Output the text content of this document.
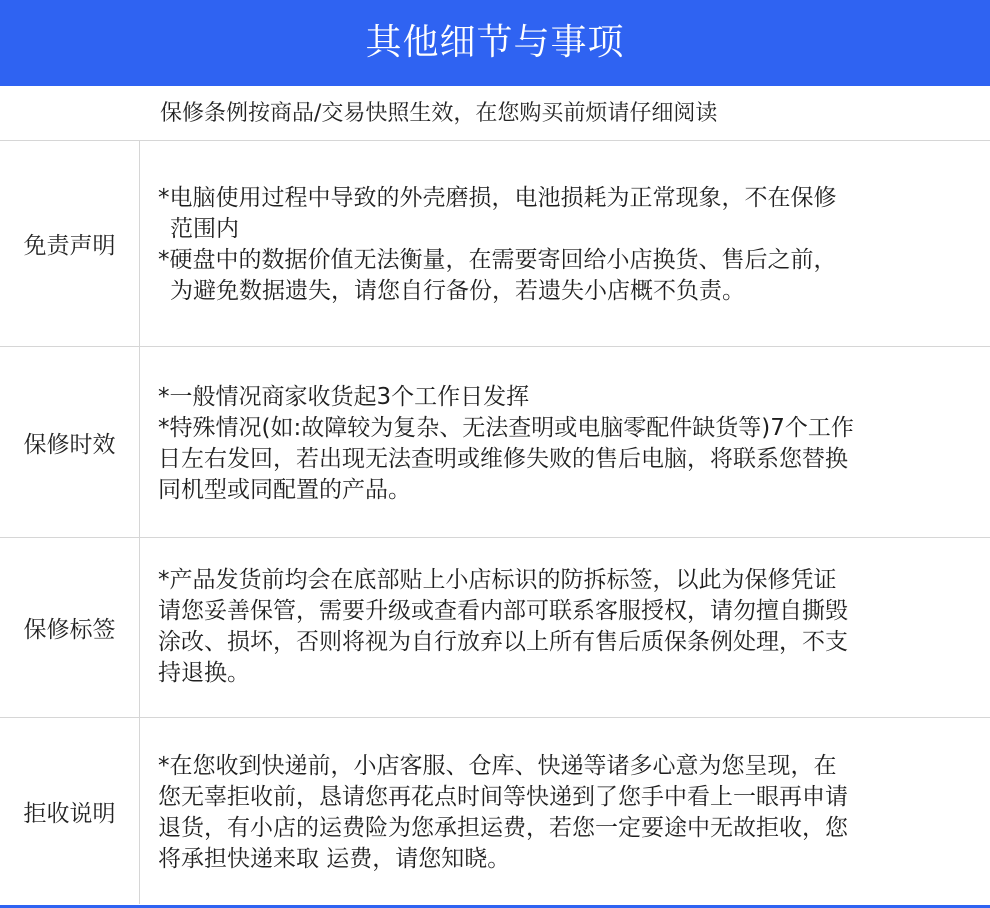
其他细节与事项
保修条例按商品/交易快照生效，在您购买前烦请仔细阅读
免责声明
*电脑使用过程中导致的外壳磨损，电池损耗为正常现象，不在保修
范围内
*硬盘中的数据价值无法衡量，在需要寄回给小店换货、售后之前，
为避免数据遗失，请您自行备份，若遗失小店概不负责。
保修时效
*一般情况商家收货起3个工作日发挥
*特殊情况(如:故障较为复杂、无法查明或电脑零配件缺货等)7个工作
日左右发回，若出现无法查明或维修失败的售后电脑，将联系您替换
同机型或同配置的产品。
保修标签
*产品发货前均会在底部贴上小店标识的防拆标签，以此为保修凭证
请您妥善保管，需要升级或查看内部可联系客服授权，请勿擅自撕毁
涂改、损坏，否则将视为自行放弃以上所有售后质保条例处理，不支
持退换。
拒收说明
*在您收到快递前，小店客服、仓库、快递等诸多心意为您呈现，在
您无辜拒收前，恳请您再花点时间等快递到了您手中看上一眼再申请
退货，有小店的运费险为您承担运费，若您一定要途中无故拒收，您
将承担快递来取 运费，请您知晓。
